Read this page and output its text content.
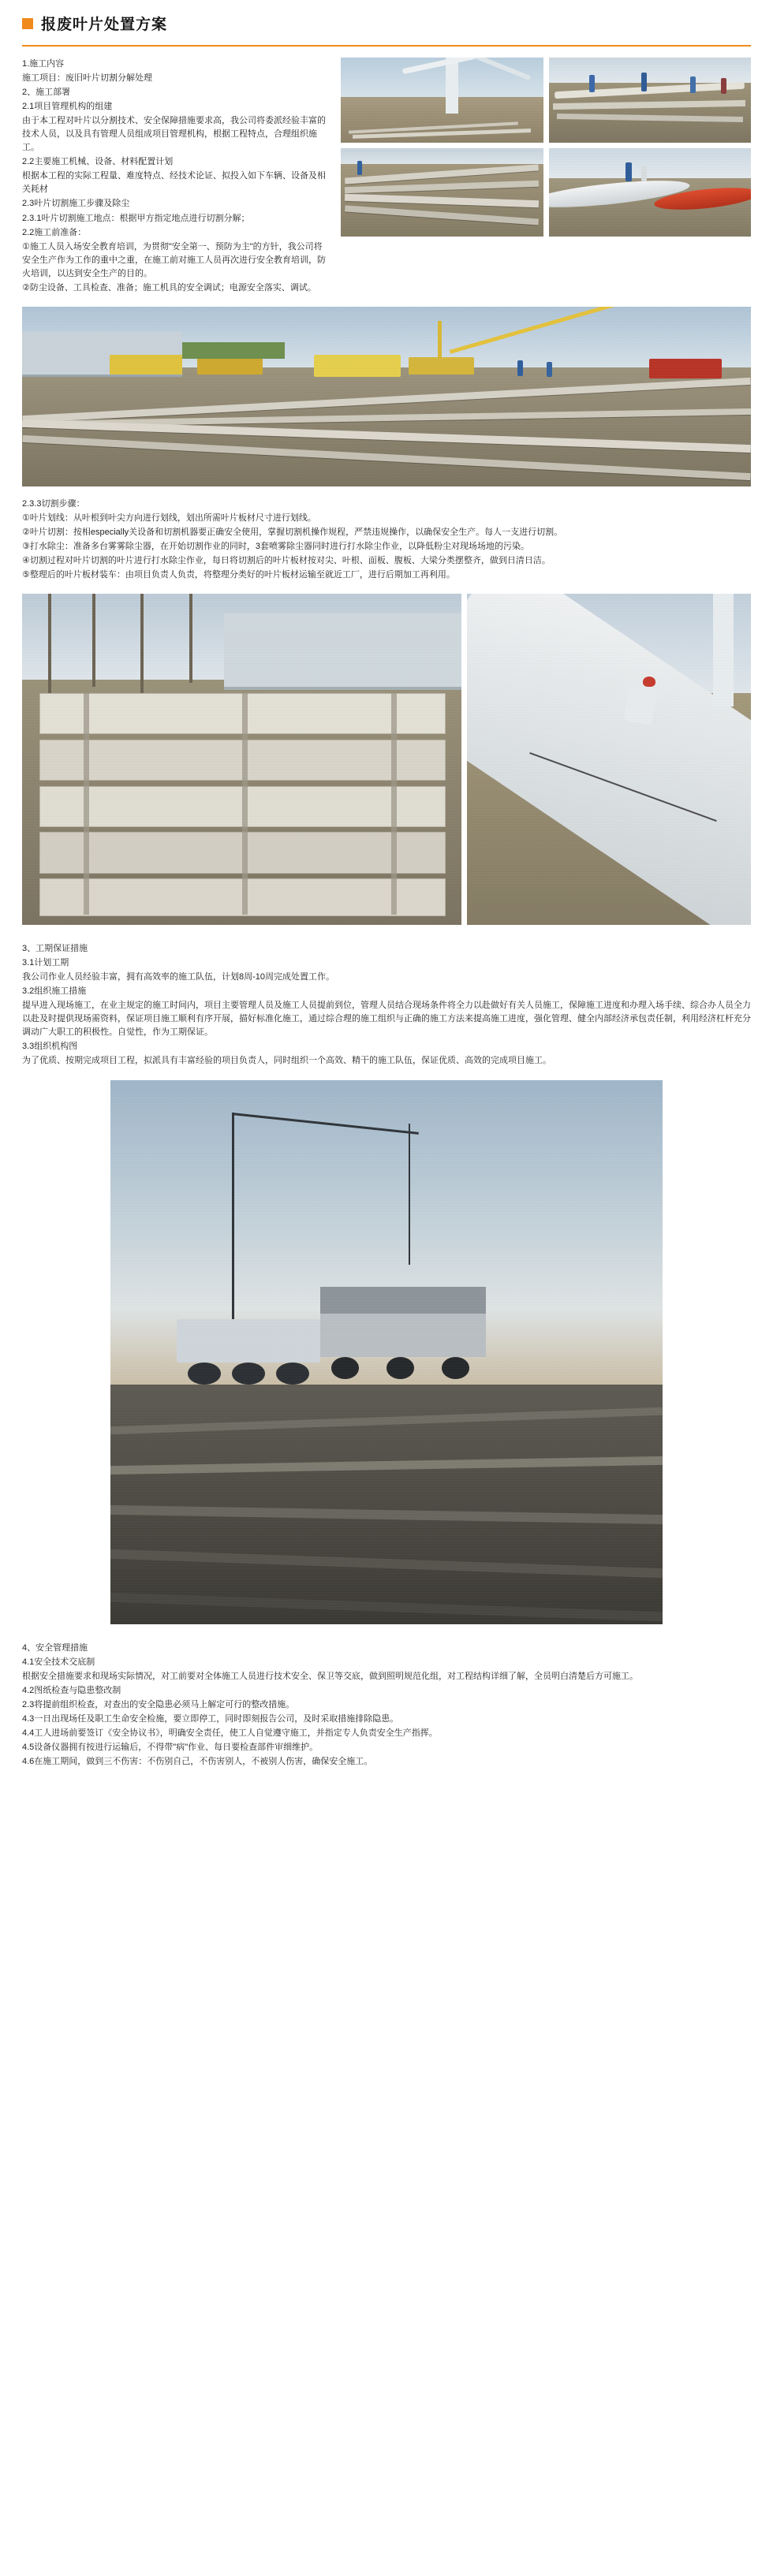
报废叶片处置方案

1.施工内容

施工项目：废旧叶片切割分解处理

2、施工部署

2.1项目管理机构的组建

由于本工程对叶片以分割技术、安全保障措施要求高，我公司将委派经验丰富的技术人员，以及具有管理人员组成项目管理机构，根据工程特点，合理组织施工。

2.2主要施工机械、设备、材料配置计划

根据本工程的实际工程量、难度特点、经技术论证、拟投入如下车辆、设备及相关耗材

2.3叶片切割施工步骤及除尘

2.3.1叶片切割施工地点：根据甲方指定地点进行切割分解；

2.2施工前准备：

①施工人员入场安全教育培训，为贯彻"安全第一、预防为主"的方针，我公司将安全生产作为工作的重中之重，在施工前对施工人员再次进行安全教育培训，防火培训，以达到安全生产的目的。

②防尘设备、工具检查、准备；施工机具的安全调试；电源安全落实、调试。

2.3.3切割步骤：

①叶片划线：从叶根到叶尖方向进行划线，划出所需叶片板材尺寸进行划线。

②叶片切割：按相especially关设备和切割机器要正确安全使用，掌握切割机操作规程，严禁违规操作，以确保安全生产。每人一支进行切割。

③打水除尘：准备多台雾雾除尘器，在开始切割作业的同时，3套喷雾除尘器同时进行打水除尘作业，以降低粉尘对现场场地的污染。

④切割过程对叶片切割的叶片进行打水除尘作业，每日将切割后的叶片板材按对尖、叶根、面板、腹板、大梁分类摆整齐，做到日清日洁。

⑤整理后的叶片板材装车：由项目负责人负责，将整理分类好的叶片板材运输至就近工厂，进行后期加工再利用。

3、工期保证措施

3.1计划工期

我公司作业人员经验丰富，拥有高效率的施工队伍，计划8周-10周完成处置工作。

3.2组织施工措施

提早进入现场施工，在业主规定的施工时间内，项目主要管理人员及施工人员提前到位，管理人员结合现场条件将全力以赴做好有关人员施工，保障施工进度和办理入场手续、综合办人员全力以赴及时提供现场需资料，保证项目施工顺利有序开展，描好标准化施工，通过综合理的施工组织与正确的施工方法来提高施工进度，强化管理、健全内部经济承包责任制，利用经济杠杆充分调动广大职工的积极性。自觉性，作为工期保证。

3.3组织机构图

为了优质、按期完成项目工程，拟派具有丰富经验的项目负责人，同时组织一个高效、精干的施工队伍，保证优质、高效的完成项目施工。

4、安全管理措施

4.1安全技术交底制

根据安全措施要求和现场实际情况，对工前要对全体施工人员进行技术安全、保卫等交底，做到照明规范化组，对工程结构详细了解，全员明白清楚后方可施工。

4.2图纸检查与隐患整改制

2.3将提前组织检查，对查出的安全隐患必须马上解定可行的整改措施。

4.3一日出现场任及职工生命安全检施，要立即停工，同时即刻报告公司，及时采取措施排除隐患。

4.4工人进场前要签订《安全协议书》，明确安全责任，使工人自觉遵守施工，并指定专人负责安全生产指挥。

4.5设备仪器拥有按进行运输后，不得带"病"作业、每日要检查部件审细维护。

4.6在施工期间，做到三不伤害：不伤别自己，不伤害别人，不被别人伤害，确保安全施工。
